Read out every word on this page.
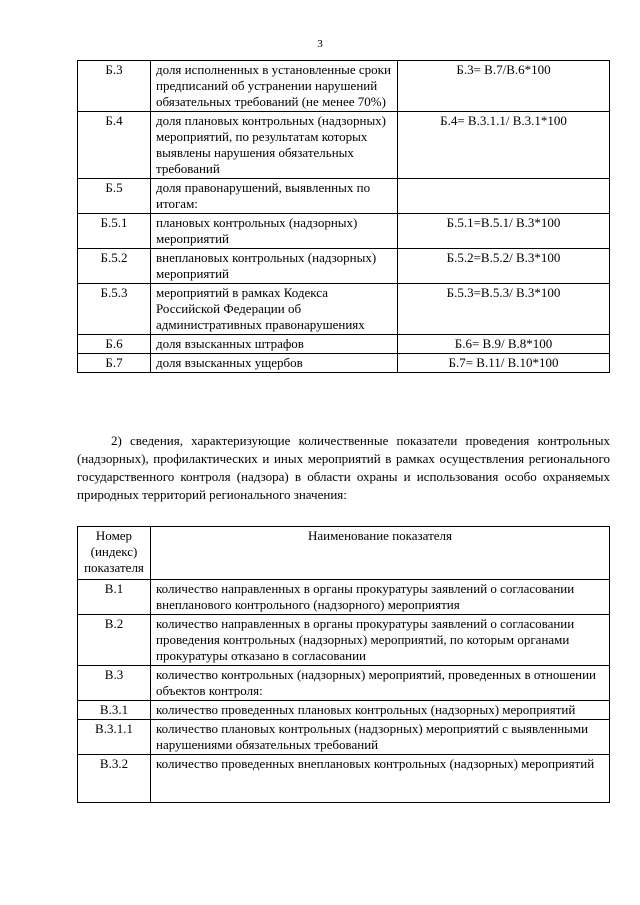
3
Б.3	доля исполненных в установленные сроки предписаний об устранении нарушений обязательных требований (не менее 70%)	Б.3= В.7/В.6*100
Б.4	доля плановых контрольных (надзорных) мероприятий, по результатам которых выявлены нарушения обязательных требований	Б.4= В.3.1.1/ В.3.1*100
Б.5	доля правонарушений, выявленных по итогам:	
Б.5.1	плановых контрольных (надзорных) мероприятий	Б.5.1=В.5.1/ В.3*100
Б.5.2	внеплановых контрольных (надзорных) мероприятий	Б.5.2=В.5.2/ В.3*100
Б.5.3	мероприятий в рамках Кодекса Российской Федерации об административных правонарушениях	Б.5.3=В.5.3/ В.3*100
Б.6	доля взысканных штрафов	Б.6= В.9/ В.8*100
Б.7	доля взысканных ущербов	Б.7= В.11/ В.10*100
2) сведения, характеризующие количественные показатели проведения контрольных (надзорных), профилактических и иных мероприятий в рамках осуществления регионального государственного контроля (надзора) в области охраны и использования особо охраняемых природных территорий регионального значения:
Номер (индекс) показателя	Наименование показателя
В.1	количество направленных в органы прокуратуры заявлений о согласовании внепланового контрольного (надзорного) мероприятия
В.2	количество направленных в органы прокуратуры заявлений о согласовании проведения контрольных (надзорных) мероприятий, по которым органами прокуратуры отказано в согласовании
В.3	количество контрольных (надзорных) мероприятий, проведенных в отношении объектов контроля:
В.3.1	количество проведенных плановых контрольных (надзорных) мероприятий
В.3.1.1	количество плановых контрольных (надзорных) мероприятий с выявленными нарушениями обязательных требований
В.3.2	количество проведенных внеплановых контрольных (надзорных) мероприятий
